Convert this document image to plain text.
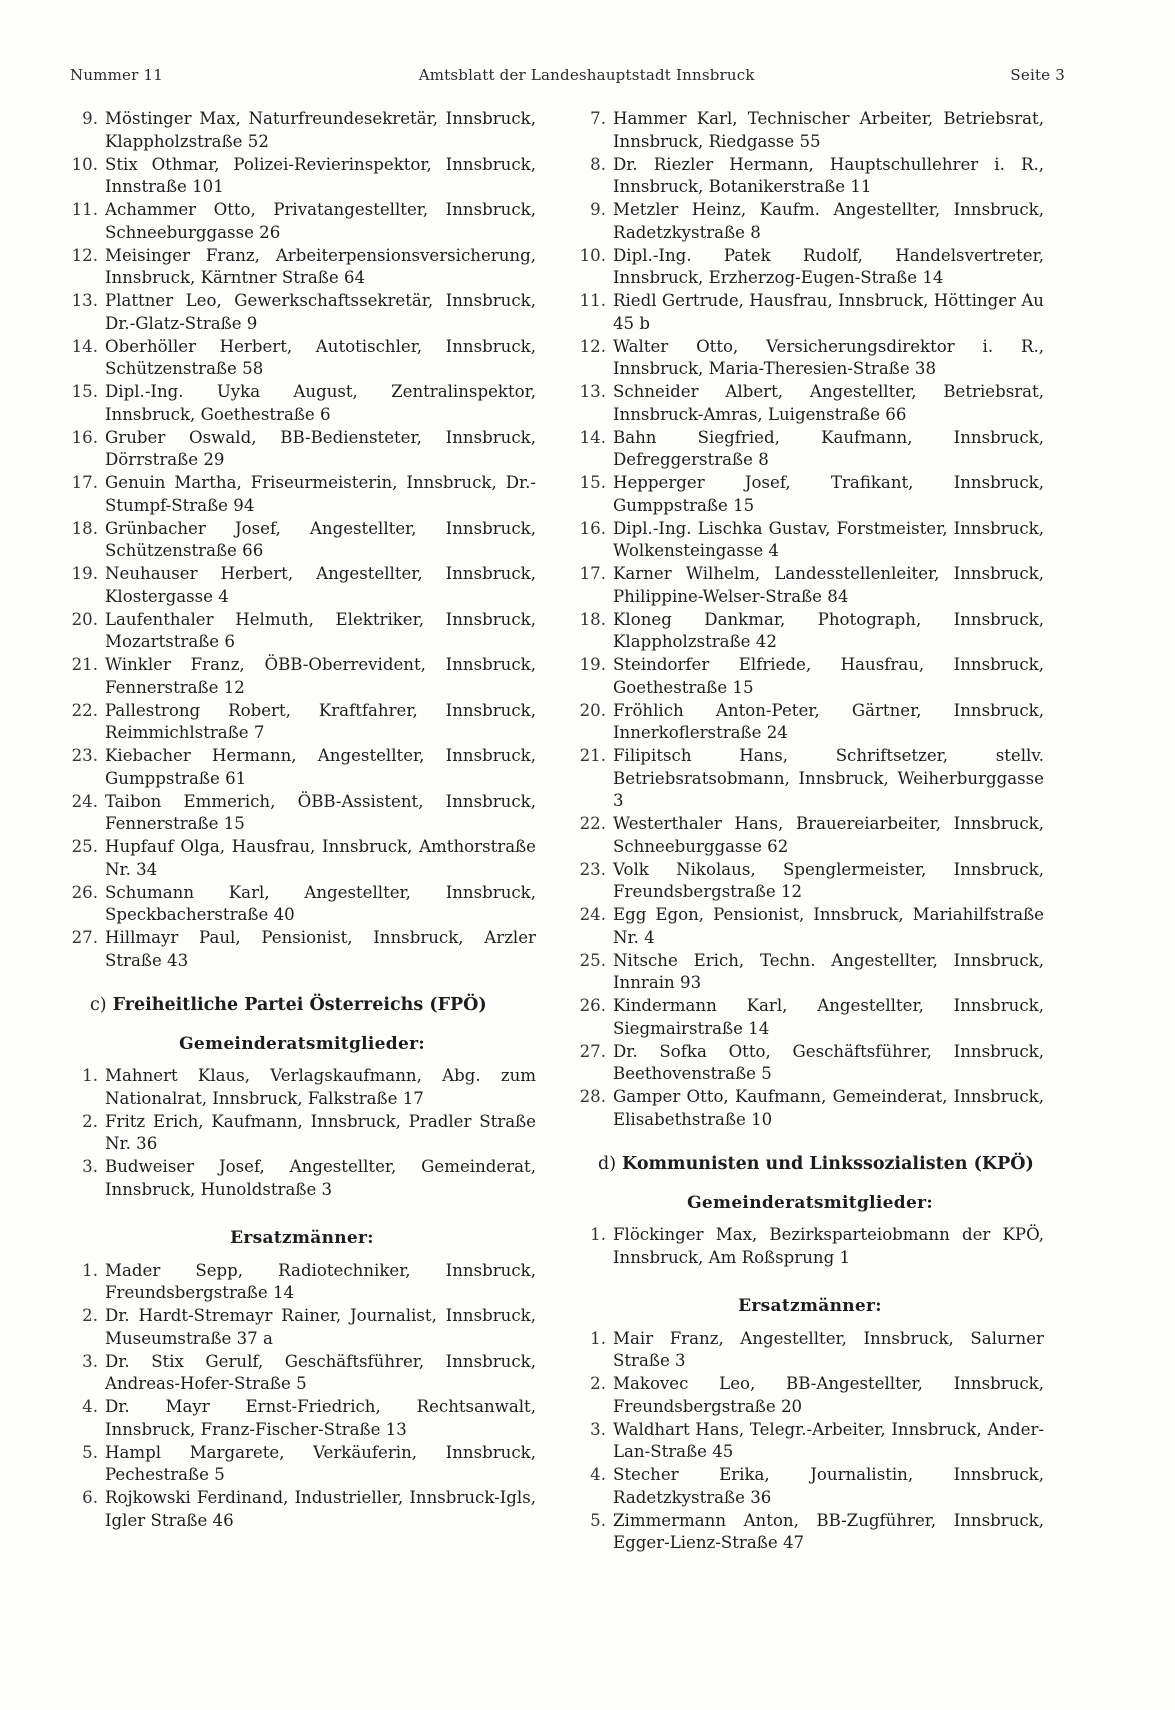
Nummer 11	Amtsblatt der Landeshauptstadt Innsbruck	Seite 3
9. Möstinger Max, Naturfreundesekretär, Innsbruck, Klappholzstraße 52
10. Stix Othmar, Polizei-Revierinspektor, Innsbruck, Innstraße 101
11. Achammer Otto, Privatangestellter, Innsbruck, Schneeburggasse 26
12. Meisinger Franz, Arbeiterpensionsversicherung, Innsbruck, Kärntner Straße 64
13. Plattner Leo, Gewerkschaftssekretär, Innsbruck, Dr.-Glatz-Straße 9
14. Oberhöller Herbert, Autotischler, Innsbruck, Schützenstraße 58
15. Dipl.-Ing. Uyka August, Zentralinspektor, Innsbruck, Goethestraße 6
16. Gruber Oswald, BB-Bediensteter, Innsbruck, Dörrstraße 29
17. Genuin Martha, Friseurmeisterin, Innsbruck, Dr.-Stumpf-Straße 94
18. Grünbacher Josef, Angestellter, Innsbruck, Schützenstraße 66
19. Neuhauser Herbert, Angestellter, Innsbruck, Klostergasse 4
20. Laufenthaler Helmuth, Elektriker, Innsbruck, Mozartstraße 6
21. Winkler Franz, ÖBB-Oberrevident, Innsbruck, Fennerstraße 12
22. Pallestrong Robert, Kraftfahrer, Innsbruck, Reimmichlstraße 7
23. Kiebacher Hermann, Angestellter, Innsbruck, Gumppstraße 61
24. Taibon Emmerich, ÖBB-Assistent, Innsbruck, Fennerstraße 15
25. Hupfauf Olga, Hausfrau, Innsbruck, Amthorstraße Nr. 34
26. Schumann Karl, Angestellter, Innsbruck, Speckbacherstraße 40
27. Hillmayr Paul, Pensionist, Innsbruck, Arzler Straße 43
c) Freiheitliche Partei Österreichs (FPÖ)
Gemeinderatsmitglieder:
1. Mahnert Klaus, Verlagskaufmann, Abg. zum Nationalrat, Innsbruck, Falkstraße 17
2. Fritz Erich, Kaufmann, Innsbruck, Pradler Straße Nr. 36
3. Budweiser Josef, Angestellter, Gemeinderat, Innsbruck, Hunoldstraße 3
Ersatzmänner:
1. Mader Sepp, Radiotechniker, Innsbruck, Freundsbergstraße 14
2. Dr. Hardt-Stremayr Rainer, Journalist, Innsbruck, Museumstraße 37 a
3. Dr. Stix Gerulf, Geschäftsführer, Innsbruck, Andreas-Hofer-Straße 5
4. Dr. Mayr Ernst-Friedrich, Rechtsanwalt, Innsbruck, Franz-Fischer-Straße 13
5. Hampl Margarete, Verkäuferin, Innsbruck, Pechestraße 5
6. Rojkowski Ferdinand, Industrieller, Innsbruck-Igls, Igler Straße 46
7. Hammer Karl, Technischer Arbeiter, Betriebsrat, Innsbruck, Riedgasse 55
8. Dr. Riezler Hermann, Hauptschullehrer i. R., Innsbruck, Botanikerstraße 11
9. Metzler Heinz, Kaufm. Angestellter, Innsbruck, Radetzkystraße 8
10. Dipl.-Ing. Patek Rudolf, Handelsvertreter, Innsbruck, Erzherzog-Eugen-Straße 14
11. Riedl Gertrude, Hausfrau, Innsbruck, Höttinger Au 45 b
12. Walter Otto, Versicherungsdirektor i. R., Innsbruck, Maria-Theresien-Straße 38
13. Schneider Albert, Angestellter, Betriebsrat, Innsbruck-Amras, Luigenstraße 66
14. Bahn Siegfried, Kaufmann, Innsbruck, Defreggerstraße 8
15. Hepperger Josef, Trafikant, Innsbruck, Gumppstraße 15
16. Dipl.-Ing. Lischka Gustav, Forstmeister, Innsbruck, Wolkensteingasse 4
17. Karner Wilhelm, Landesstellenleiter, Innsbruck, Philippine-Welser-Straße 84
18. Kloneg Dankmar, Photograph, Innsbruck, Klappholzstraße 42
19. Steindorfer Elfriede, Hausfrau, Innsbruck, Goethestraße 15
20. Fröhlich Anton-Peter, Gärtner, Innsbruck, Innerkoflerstraße 24
21. Filipitsch Hans, Schriftsetzer, stellv. Betriebsratsobmann, Innsbruck, Weiherburggasse 3
22. Westerthaler Hans, Brauereiarbeiter, Innsbruck, Schneeburggasse 62
23. Volk Nikolaus, Spenglermeister, Innsbruck, Freundsbergstraße 12
24. Egg Egon, Pensionist, Innsbruck, Mariahilfstraße Nr. 4
25. Nitsche Erich, Techn. Angestellter, Innsbruck, Innrain 93
26. Kindermann Karl, Angestellter, Innsbruck, Siegmairstraße 14
27. Dr. Sofka Otto, Geschäftsführer, Innsbruck, Beethovenstraße 5
28. Gamper Otto, Kaufmann, Gemeinderat, Innsbruck, Elisabethstraße 10
d) Kommunisten und Linkssozialisten (KPÖ)
Gemeinderatsmitglieder:
1. Flöckinger Max, Bezirksparteiobmann der KPÖ, Innsbruck, Am Roßsprung 1
Ersatzmänner:
1. Mair Franz, Angestellter, Innsbruck, Salurner Straße 3
2. Makovec Leo, BB-Angestellter, Innsbruck, Freundsbergstraße 20
3. Waldhart Hans, Telegr.-Arbeiter, Innsbruck, Ander-Lan-Straße 45
4. Stecher Erika, Journalistin, Innsbruck, Radetzkystraße 36
5. Zimmermann Anton, BB-Zugführer, Innsbruck, Egger-Lienz-Straße 47
